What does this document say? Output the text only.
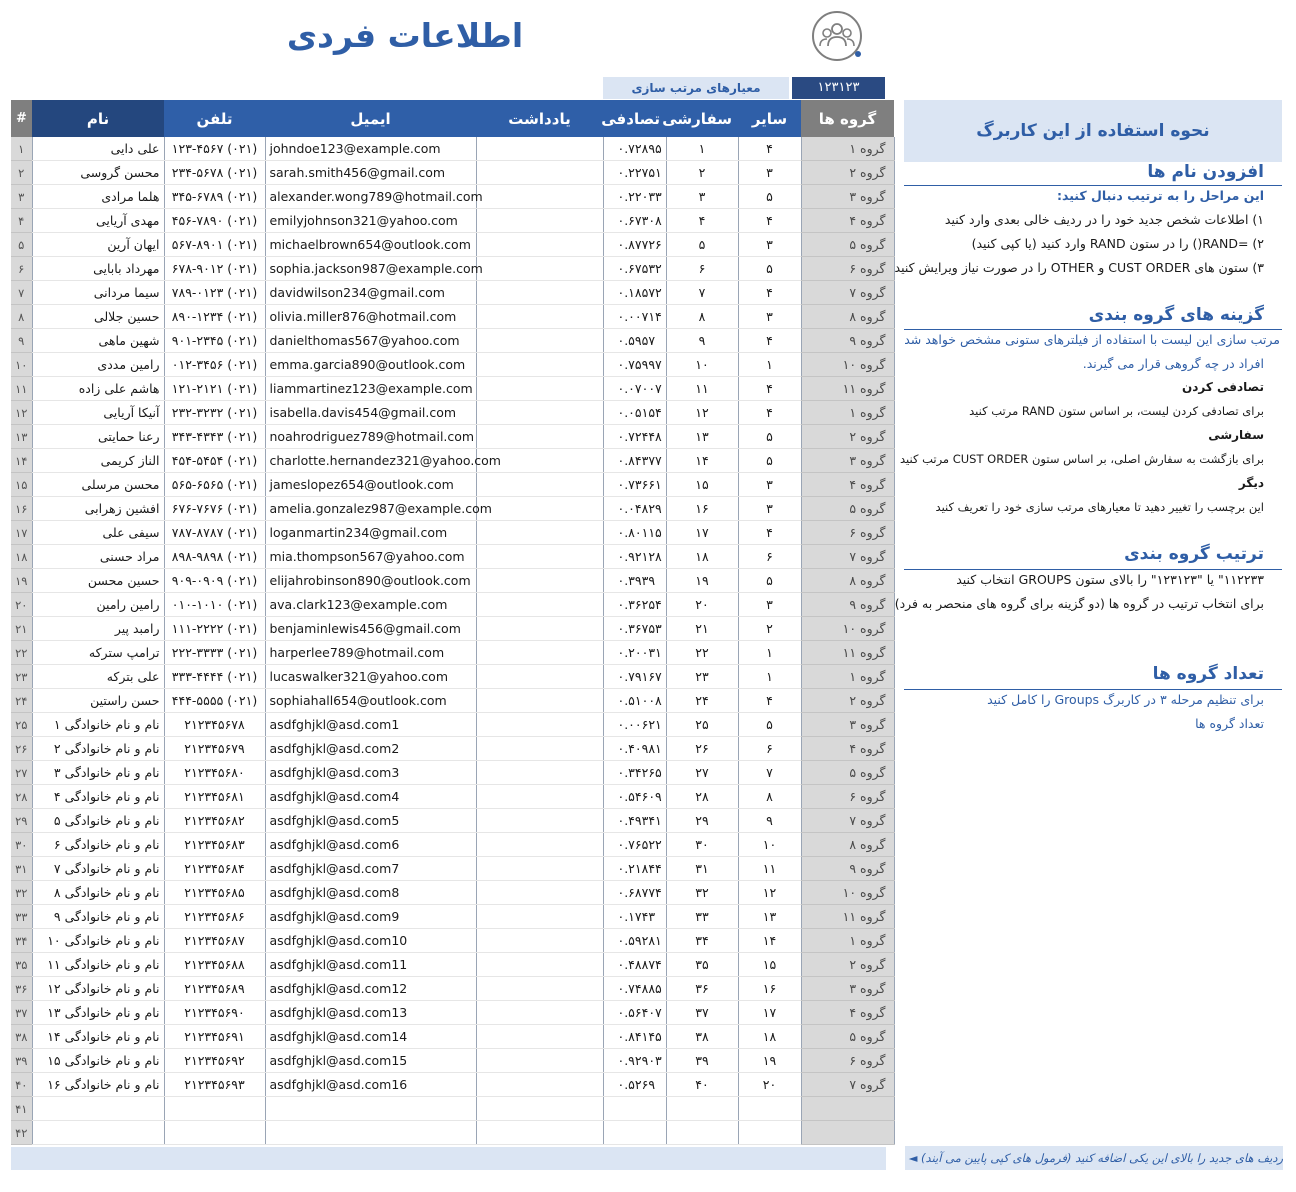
اطلاعات فردی
معیارهای مرتب سازی	۱۲۳۱۲۳
گروه ها	سایر	سفارشی	تصادفی	یادداشت	ایمیل	تلفن	نام	#
گروه ۱	۴	۱	۰.۷۲۸۹۵		johndoe123@example.com	(۰۲۱) ۱۲۳-۴۵۶۷	علی دایی	۱
گروه ۲	۳	۲	۰.۲۲۷۵۱		sarah.smith456@gmail.com	(۰۲۱) ۲۳۴-۵۶۷۸	محسن گروسی	۲
گروه ۳	۵	۳	۰.۲۲۰۳۳		alexander.wong789@hotmail.com	(۰۲۱) ۳۴۵-۶۷۸۹	هلما مرادی	۳
گروه ۴	۴	۴	۰.۶۷۳۰۸		emilyjohnson321@yahoo.com	(۰۲۱) ۴۵۶-۷۸۹۰	مهدی آریایی	۴
گروه ۵	۳	۵	۰.۸۷۷۲۶		michaelbrown654@outlook.com	(۰۲۱) ۵۶۷-۸۹۰۱	ایهان آرین	۵
گروه ۶	۵	۶	۰.۶۷۵۳۲		sophia.jackson987@example.com	(۰۲۱) ۶۷۸-۹۰۱۲	مهرداد بابایی	۶
گروه ۷	۴	۷	۰.۱۸۵۷۲		davidwilson234@gmail.com	(۰۲۱) ۷۸۹-۰۱۲۳	سیما مردانی	۷
گروه ۸	۳	۸	۰.۰۰۷۱۴		olivia.miller876@hotmail.com	(۰۲۱) ۸۹۰-۱۲۳۴	حسین جلالی	۸
گروه ۹	۴	۹	۰.۵۹۵۷		danielthomas567@yahoo.com	(۰۲۱) ۹۰۱-۲۳۴۵	شهین ماهی	۹
گروه ۱۰	۱	۱۰	۰.۷۵۹۹۷		emma.garcia890@outlook.com	(۰۲۱) ۰۱۲-۳۴۵۶	رامین مددی	۱۰
گروه ۱۱	۴	۱۱	۰.۰۷۰۰۷		liammartinez123@example.com	(۰۲۱) ۱۲۱-۲۱۲۱	هاشم علی زاده	۱۱
گروه ۱	۴	۱۲	۰.۰۵۱۵۴		isabella.davis454@gmail.com	(۰۲۱) ۲۳۲-۳۲۳۲	آنیکا آریایی	۱۲
گروه ۲	۵	۱۳	۰.۷۲۴۴۸		noahrodriguez789@hotmail.com	(۰۲۱) ۳۴۳-۴۳۴۳	رعنا حمایتی	۱۳
گروه ۳	۵	۱۴	۰.۸۴۳۷۷		charlotte.hernandez321@yahoo.com	(۰۲۱) ۴۵۴-۵۴۵۴	الناز کریمی	۱۴
گروه ۴	۳	۱۵	۰.۷۳۶۶۱		jameslopez654@outlook.com	(۰۲۱) ۵۶۵-۶۵۶۵	محسن مرسلی	۱۵
گروه ۵	۳	۱۶	۰.۰۴۸۲۹		amelia.gonzalez987@example.com	(۰۲۱) ۶۷۶-۷۶۷۶	افشین زهرابی	۱۶
گروه ۶	۴	۱۷	۰.۸۰۱۱۵		loganmartin234@gmail.com	(۰۲۱) ۷۸۷-۸۷۸۷	سیفی علی	۱۷
گروه ۷	۶	۱۸	۰.۹۲۱۲۸		mia.thompson567@yahoo.com	(۰۲۱) ۸۹۸-۹۸۹۸	مراد حسنی	۱۸
گروه ۸	۵	۱۹	۰.۳۹۳۹		elijahrobinson890@outlook.com	(۰۲۱) ۹۰۹-۰۹۰۹	حسین محسن	۱۹
گروه ۹	۳	۲۰	۰.۳۶۲۵۴		ava.clark123@example.com	(۰۲۱) ۰۱۰-۱۰۱۰	رامین رامین	۲۰
گروه ۱۰	۲	۲۱	۰.۳۶۷۵۳		benjaminlewis456@gmail.com	(۰۲۱) ۱۱۱-۲۲۲۲	رامبد پیر	۲۱
گروه ۱۱	۱	۲۲	۰.۲۰۰۳۱		harperlee789@hotmail.com	(۰۲۱) ۲۲۲-۳۳۳۳	ترامپ سترکه	۲۲
گروه ۱	۱	۲۳	۰.۷۹۱۶۷		lucaswalker321@yahoo.com	(۰۲۱) ۳۳۳-۴۴۴۴	علی بترکه	۲۳
گروه ۲	۴	۲۴	۰.۵۱۰۰۸		sophiahall654@outlook.com	(۰۲۱) ۴۴۴-۵۵۵۵	حسن راستین	۲۴
گروه ۳	۵	۲۵	۰.۰۰۶۲۱		asdfghjkl@asd.com1	۲۱۲۳۴۵۶۷۸	نام و نام خانوادگی ۱	۲۵
گروه ۴	۶	۲۶	۰.۴۰۹۸۱		asdfghjkl@asd.com2	۲۱۲۳۴۵۶۷۹	نام و نام خانوادگی ۲	۲۶
گروه ۵	۷	۲۷	۰.۳۴۲۶۵		asdfghjkl@asd.com3	۲۱۲۳۴۵۶۸۰	نام و نام خانوادگی ۳	۲۷
گروه ۶	۸	۲۸	۰.۵۴۶۰۹		asdfghjkl@asd.com4	۲۱۲۳۴۵۶۸۱	نام و نام خانوادگی ۴	۲۸
گروه ۷	۹	۲۹	۰.۴۹۳۴۱		asdfghjkl@asd.com5	۲۱۲۳۴۵۶۸۲	نام و نام خانوادگی ۵	۲۹
گروه ۸	۱۰	۳۰	۰.۷۶۵۲۲		asdfghjkl@asd.com6	۲۱۲۳۴۵۶۸۳	نام و نام خانوادگی ۶	۳۰
گروه ۹	۱۱	۳۱	۰.۲۱۸۴۴		asdfghjkl@asd.com7	۲۱۲۳۴۵۶۸۴	نام و نام خانوادگی ۷	۳۱
گروه ۱۰	۱۲	۳۲	۰.۶۸۷۷۴		asdfghjkl@asd.com8	۲۱۲۳۴۵۶۸۵	نام و نام خانوادگی ۸	۳۲
گروه ۱۱	۱۳	۳۳	۰.۱۷۴۳		asdfghjkl@asd.com9	۲۱۲۳۴۵۶۸۶	نام و نام خانوادگی ۹	۳۳
گروه ۱	۱۴	۳۴	۰.۵۹۲۸۱		asdfghjkl@asd.com10	۲۱۲۳۴۵۶۸۷	نام و نام خانوادگی ۱۰	۳۴
گروه ۲	۱۵	۳۵	۰.۴۸۸۷۴		asdfghjkl@asd.com11	۲۱۲۳۴۵۶۸۸	نام و نام خانوادگی ۱۱	۳۵
گروه ۳	۱۶	۳۶	۰.۷۴۸۸۵		asdfghjkl@asd.com12	۲۱۲۳۴۵۶۸۹	نام و نام خانوادگی ۱۲	۳۶
گروه ۴	۱۷	۳۷	۰.۵۶۴۰۷		asdfghjkl@asd.com13	۲۱۲۳۴۵۶۹۰	نام و نام خانوادگی ۱۳	۳۷
گروه ۵	۱۸	۳۸	۰.۸۴۱۴۵		asdfghjkl@asd.com14	۲۱۲۳۴۵۶۹۱	نام و نام خانوادگی ۱۴	۳۸
گروه ۶	۱۹	۳۹	۰.۹۲۹۰۳		asdfghjkl@asd.com15	۲۱۲۳۴۵۶۹۲	نام و نام خانوادگی ۱۵	۳۹
گروه ۷	۲۰	۴۰	۰.۵۲۶۹		asdfghjkl@asd.com16	۲۱۲۳۴۵۶۹۳	نام و نام خانوادگی ۱۶	۴۰
								۴۱
								۴۲
نحوه استفاده از این کاربرگ
افزودن نام ها
این مراحل را به ترتیب دنبال کنید:
۱) اطلاعات شخص جدید خود را در ردیف خالی بعدی وارد کنید
۲) =RAND() را در ستون RAND وارد کنید (یا کپی کنید)
۳) ستون های CUST ORDER و OTHER را در صورت نیاز ویرایش کنید
گزینه های گروه بندی
مرتب سازی این لیست با استفاده از فیلترهای ستونی مشخص خواهد شد
افراد در چه گروهی قرار می گیرند.
تصادفی کردن
برای تصادفی کردن لیست، بر اساس ستون RAND مرتب کنید
سفارشی
برای بازگشت به سفارش اصلی، بر اساس ستون CUST ORDER مرتب کنید
دیگر
این برچسب را تغییر دهید تا معیارهای مرتب سازی خود را تعریف کنید
ترتیب گروه بندی
۱۱۲۲۳۳" یا "۱۲۳۱۲۳" را بالای ستون GROUPS انتخاب کنید
برای انتخاب ترتیب در گروه ها (دو گزینه برای گروه های منحصر به فرد)
تعداد گروه ها
برای تنظیم مرحله ۳ در کاربرگ Groups را کامل کنید
تعداد گروه ها
ردیف های جدید را بالای این یکی اضافه کنید (فرمول های کپی پایین می آیند) ◄
